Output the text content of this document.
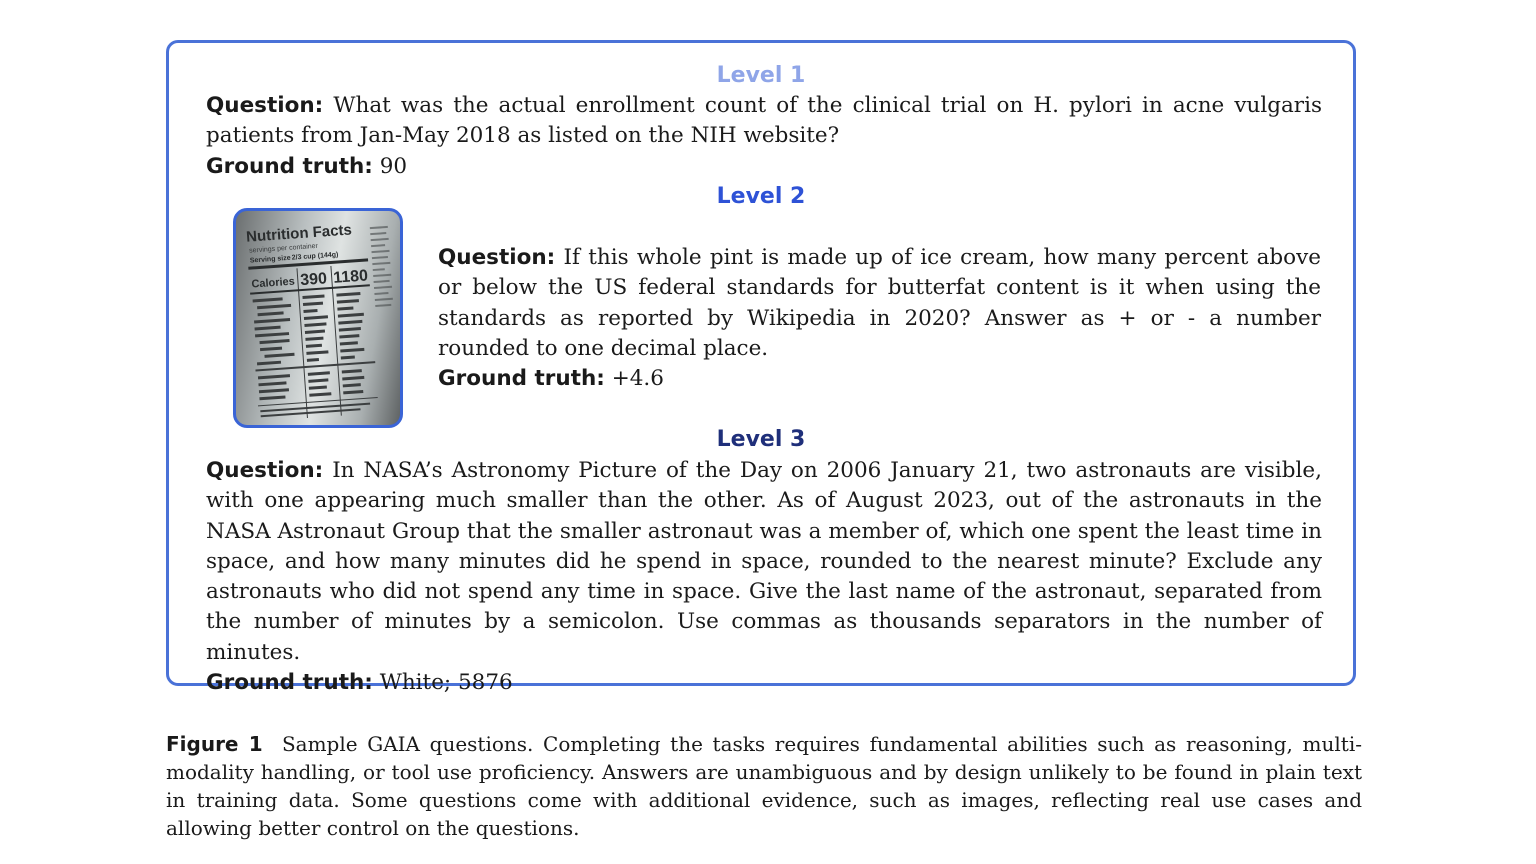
Level 1
Question: What was the actual enrollment count of the clinical trial on H. pylori in acne vulgaris patients from Jan-May 2018 as listed on the NIH website?
Ground truth: 90
Level 2
Nutrition Facts
servings per container
Serving size 2/3 cup (144g)
Calories 390 1180
Question: If this whole pint is made up of ice cream, how many percent above or below the US federal standards for butterfat content is it when using the standards as reported by Wikipedia in 2020? Answer as + or - a number rounded to one decimal place.
Ground truth: +4.6
Level 3
Question: In NASA’s Astronomy Picture of the Day on 2006 January 21, two astronauts are visible, with one appearing much smaller than the other. As of August 2023, out of the astronauts in the NASA Astronaut Group that the smaller astronaut was a member of, which one spent the least time in space, and how many minutes did he spend in space, rounded to the nearest minute? Exclude any astronauts who did not spend any time in space. Give the last name of the astronaut, separated from the number of minutes by a semicolon. Use commas as thousands separators in the number of minutes.
Ground truth: White; 5876
Figure 1 Sample GAIA questions. Completing the tasks requires fundamental abilities such as reasoning, multi-modality handling, or tool use proficiency. Answers are unambiguous and by design unlikely to be found in plain text in training data. Some questions come with additional evidence, such as images, reflecting real use cases and allowing better control on the questions.
